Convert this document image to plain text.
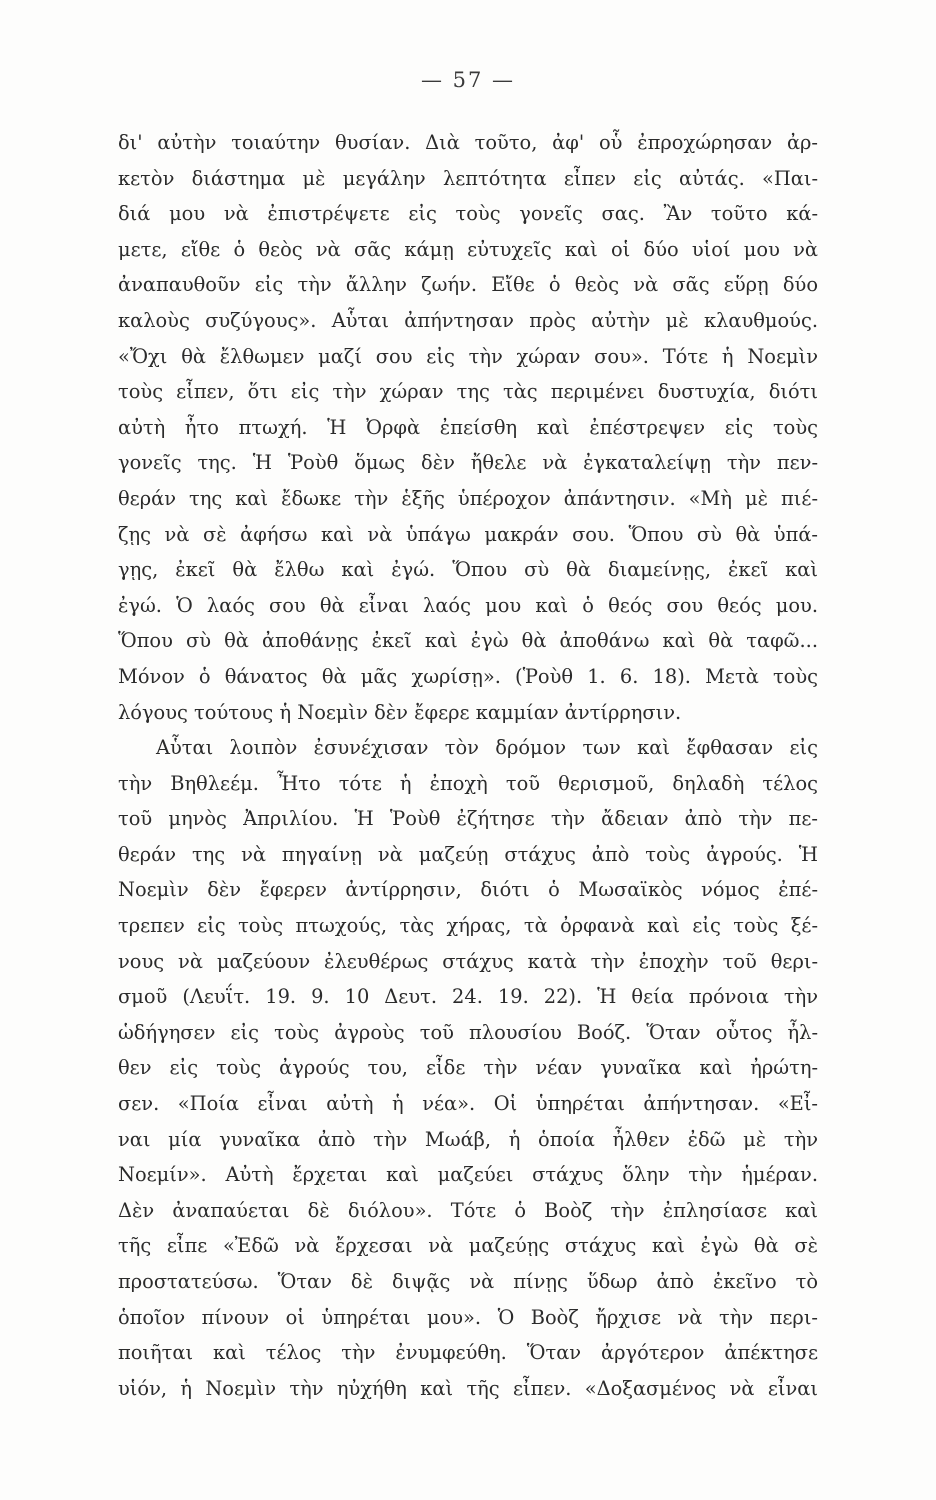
— 57 —
δι' αὐτὴν τοιαύτην θυσίαν. Διὰ τοῦτο, ἀφ' οὗ ἐπροχώρησαν ἀρ-
κετὸν διάστημα μὲ μεγάλην λεπτότητα εἶπεν εἰς αὐτάς. «Παι-
διά μου νὰ ἐπιστρέψετε εἰς τοὺς γονεῖς σας. Ἂν τοῦτο κά-
μετε, εἴθε ὁ θεὸς νὰ σᾶς κάμῃ εὐτυχεῖς καὶ οἱ δύο υἱοί μου νὰ
ἀναπαυθοῦν εἰς τὴν ἄλλην ζωήν. Εἴθε ὁ θεὸς νὰ σᾶς εὕρῃ δύο
καλοὺς συζύγους». Αὗται ἀπήντησαν πρὸς αὐτὴν μὲ κλαυθμούς.
«Ὄχι θὰ ἔλθωμεν μαζί σου εἰς τὴν χώραν σου». Τότε ἡ Νοεμὶν
τοὺς εἶπεν, ὅτι εἰς τὴν χώραν της τὰς περιμένει δυστυχία, διότι
αὐτὴ ἦτο πτωχή. Ἡ Ὀρφὰ ἐπείσθη καὶ ἐπέστρεψεν εἰς τοὺς
γονεῖς της. Ἡ Ῥοὺθ ὅμως δὲν ἤθελε νὰ ἐγκαταλείψῃ τὴν πεν-
θεράν της καὶ ἔδωκε τὴν ἑξῆς ὑπέροχον ἀπάντησιν. «Μὴ μὲ πιέ-
ζῃς νὰ σὲ ἀφήσω καὶ νὰ ὑπάγω μακράν σου. Ὅπου σὺ θὰ ὑπά-
γῃς, ἐκεῖ θὰ ἔλθω καὶ ἐγώ. Ὅπου σὺ θὰ διαμείνῃς, ἐκεῖ καὶ
ἐγώ. Ὁ λαός σου θὰ εἶναι λαός μου καὶ ὁ θεός σου θεός μου.
Ὅπου σὺ θὰ ἀποθάνῃς ἐκεῖ καὶ ἐγὼ θὰ ἀποθάνω καὶ θὰ ταφῶ...
Μόνον ὁ θάνατος θὰ μᾶς χωρίσῃ». (Ῥοὺθ 1. 6. 18). Μετὰ τοὺς
λόγους τούτους ἡ Νοεμὶν δὲν ἔφερε καμμίαν ἀντίρρησιν.
Αὗται λοιπὸν ἐσυνέχισαν τὸν δρόμον των καὶ ἔφθασαν εἰς
τὴν Βηθλεέμ. Ἦτο τότε ἡ ἐποχὴ τοῦ θερισμοῦ, δηλαδὴ τέλος
τοῦ μηνὸς Ἀπριλίου. Ἡ Ῥοὺθ ἐζήτησε τὴν ἄδειαν ἀπὸ τὴν πε-
θεράν της νὰ πηγαίνῃ νὰ μαζεύῃ στάχυς ἀπὸ τοὺς ἀγρούς. Ἡ
Νοεμὶν δὲν ἔφερεν ἀντίρρησιν, διότι ὁ Μωσαϊκὸς νόμος ἐπέ-
τρεπεν εἰς τοὺς πτωχούς, τὰς χήρας, τὰ ὀρφανὰ καὶ εἰς τοὺς ξέ-
νους νὰ μαζεύουν ἐλευθέρως στάχυς κατὰ τὴν ἐποχὴν τοῦ θερι-
σμοῦ (Λευΐτ. 19. 9. 10 Δευτ. 24. 19. 22). Ἡ θεία πρόνοια τὴν
ὡδήγησεν εἰς τοὺς ἀγροὺς τοῦ πλουσίου Βοόζ. Ὅταν οὗτος ἦλ-
θεν εἰς τοὺς ἀγρούς του, εἶδε τὴν νέαν γυναῖκα καὶ ἠρώτη-
σεν. «Ποία εἶναι αὐτὴ ἡ νέα». Οἱ ὑπηρέται ἀπήντησαν. «Εἶ-
ναι μία γυναῖκα ἀπὸ τὴν Μωάβ, ἡ ὁποία ἦλθεν ἐδῶ μὲ τὴν
Νοεμίν». Αὐτὴ ἔρχεται καὶ μαζεύει στάχυς ὅλην τὴν ἡμέραν.
Δὲν ἀναπαύεται δὲ διόλου». Τότε ὁ Βοὸζ τὴν ἐπλησίασε καὶ
τῆς εἶπε «Ἐδῶ νὰ ἔρχεσαι νὰ μαζεύῃς στάχυς καὶ ἐγὼ θὰ σὲ
προστατεύσω. Ὅταν δὲ διψᾷς νὰ πίνῃς ὕδωρ ἀπὸ ἐκεῖνο τὸ
ὁποῖον πίνουν οἱ ὑπηρέται μου». Ὁ Βοὸζ ἤρχισε νὰ τὴν περι-
ποιῆται καὶ τέλος τὴν ἐνυμφεύθη. Ὅταν ἀργότερον ἀπέκτησε
υἱόν, ἡ Νοεμὶν τὴν ηὐχήθη καὶ τῆς εἶπεν. «Δοξασμένος νὰ εἶναι
